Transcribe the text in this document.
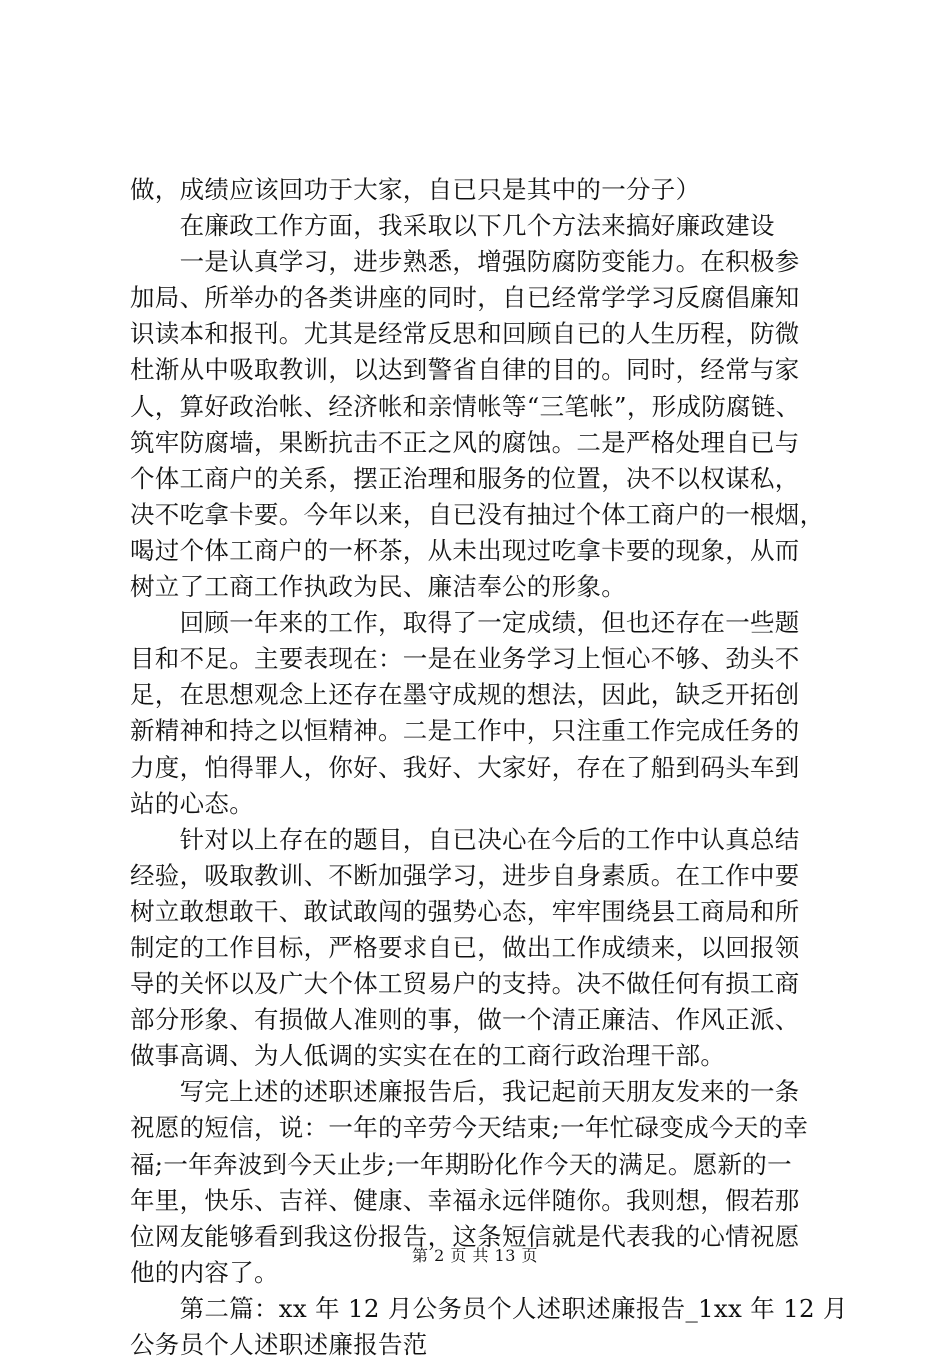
做，成绩应该回功于大家，自已只是其中的一分子）
　　在廉政工作方面，我采取以下几个方法来搞好廉政建设
　　一是认真学习，进步熟悉，增强防腐防变能力。在积极参
加局、所举办的各类讲座的同时，自已经常学学习反腐倡廉知
识读本和报刊。尤其是经常反思和回顾自已的人生历程，防微
杜渐从中吸取教训，以达到警省自律的目的。同时，经常与家
人，算好政治帐、经济帐和亲情帐等“三笔帐”，形成防腐链、
筑牢防腐墙，果断抗击不正之风的腐蚀。二是严格处理自已与
个体工商户的关系，摆正治理和服务的位置，决不以权谋私，
决不吃拿卡要。今年以来，自已没有抽过个体工商户的一根烟，
喝过个体工商户的一杯茶，从未出现过吃拿卡要的现象，从而
树立了工商工作执政为民、廉洁奉公的形象。
　　回顾一年来的工作，取得了一定成绩，但也还存在一些题
目和不足。主要表现在：一是在业务学习上恒心不够、劲头不
足，在思想观念上还存在墨守成规的想法，因此，缺乏开拓创
新精神和持之以恒精神。二是工作中，只注重工作完成任务的
力度，怕得罪人，你好、我好、大家好，存在了船到码头车到
站的心态。
　　针对以上存在的题目，自已决心在今后的工作中认真总结
经验，吸取教训、不断加强学习，进步自身素质。在工作中要
树立敢想敢干、敢试敢闯的强势心态，牢牢围绕县工商局和所
制定的工作目标，严格要求自已，做出工作成绩来，以回报领
导的关怀以及广大个体工贸易户的支持。决不做任何有损工商
部分形象、有损做人准则的事，做一个清正廉洁、作风正派、
做事高调、为人低调的实实在在的工商行政治理干部。
　　写完上述的述职述廉报告后，我记起前天朋友发来的一条
祝愿的短信，说：一年的辛劳今天结束;一年忙碌变成今天的幸
福;一年奔波到今天止步;一年期盼化作今天的满足。愿新的一
年里，快乐、吉祥、健康、幸福永远伴随你。我则想，假若那
位网友能够看到我这份报告，这条短信就是代表我的心情祝愿
他的内容了。
　　第二篇：xx 年 12 月公务员个人述职述廉报告_1xx 年 12 月
公务员个人述职述廉报告范
第 2 页 共 13 页
